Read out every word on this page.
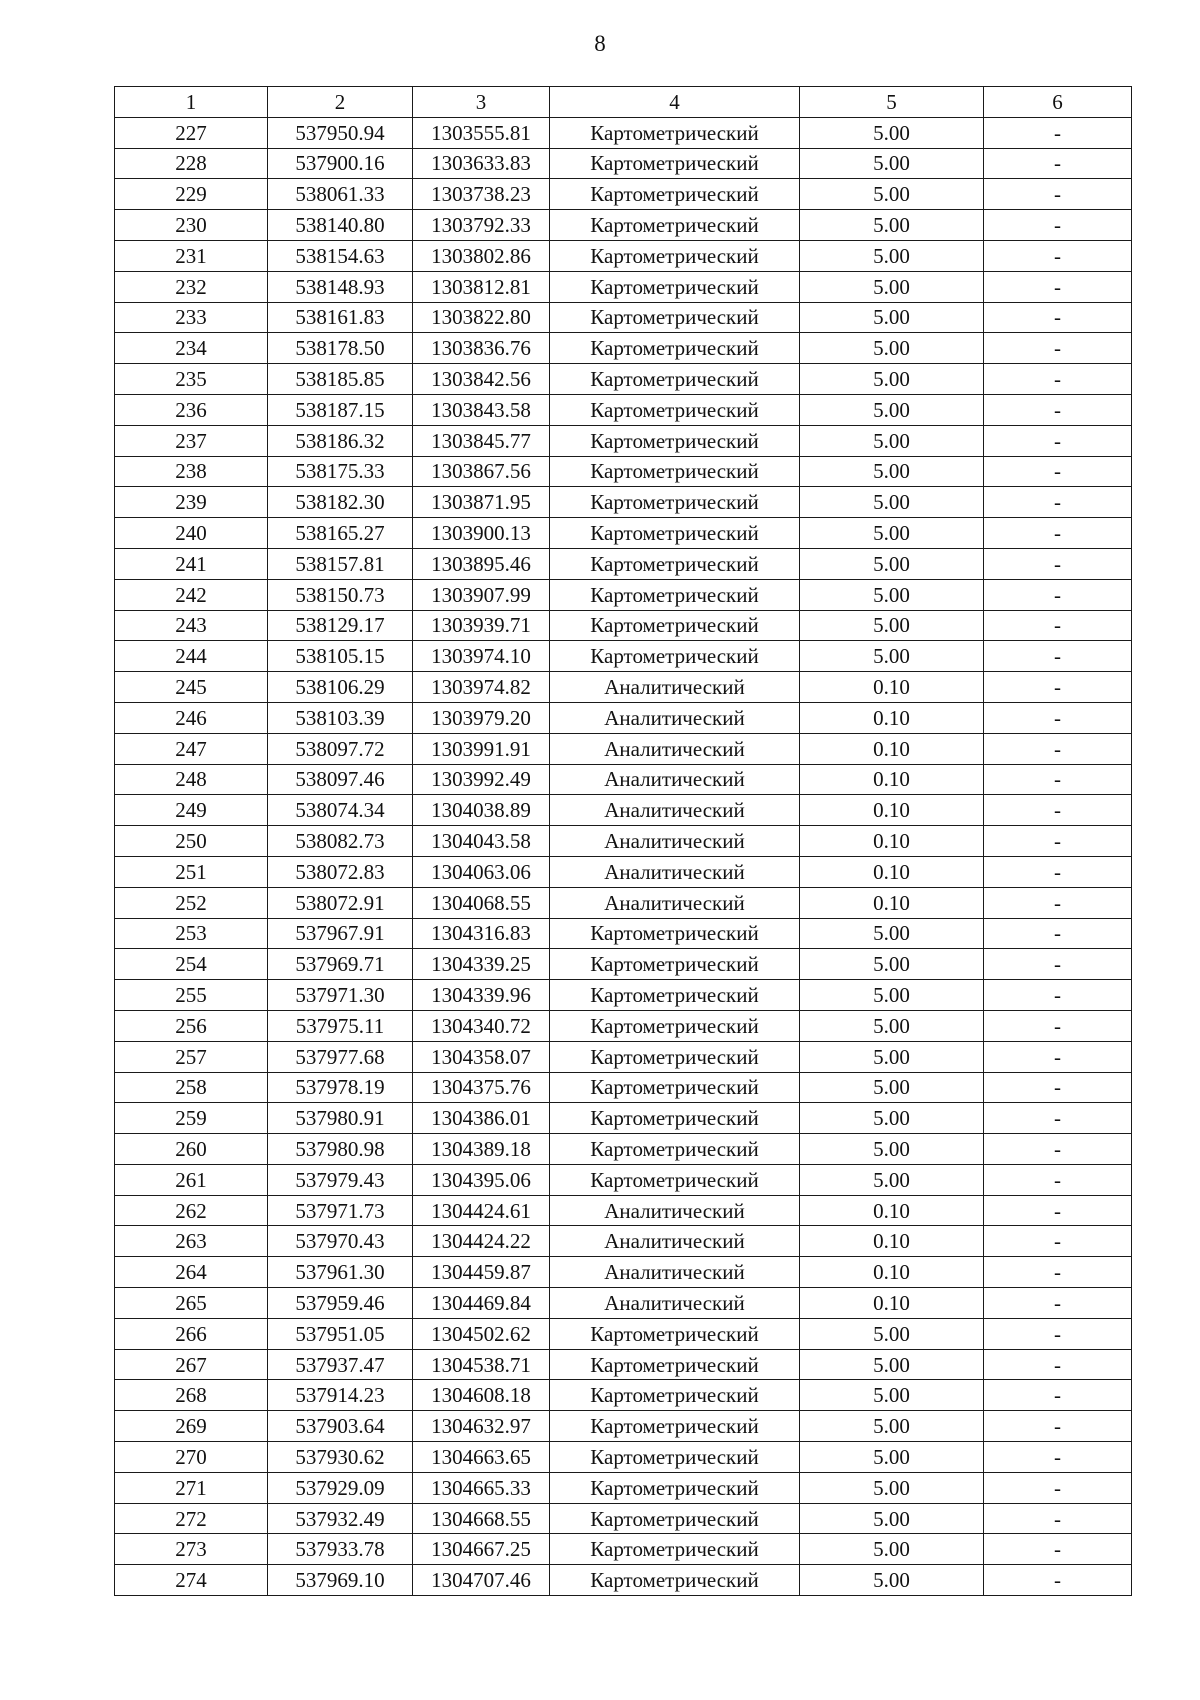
8
1	2	3	4	5	6
227	537950.94	1303555.81	Картометрический	5.00	-
228	537900.16	1303633.83	Картометрический	5.00	-
229	538061.33	1303738.23	Картометрический	5.00	-
230	538140.80	1303792.33	Картометрический	5.00	-
231	538154.63	1303802.86	Картометрический	5.00	-
232	538148.93	1303812.81	Картометрический	5.00	-
233	538161.83	1303822.80	Картометрический	5.00	-
234	538178.50	1303836.76	Картометрический	5.00	-
235	538185.85	1303842.56	Картометрический	5.00	-
236	538187.15	1303843.58	Картометрический	5.00	-
237	538186.32	1303845.77	Картометрический	5.00	-
238	538175.33	1303867.56	Картометрический	5.00	-
239	538182.30	1303871.95	Картометрический	5.00	-
240	538165.27	1303900.13	Картометрический	5.00	-
241	538157.81	1303895.46	Картометрический	5.00	-
242	538150.73	1303907.99	Картометрический	5.00	-
243	538129.17	1303939.71	Картометрический	5.00	-
244	538105.15	1303974.10	Картометрический	5.00	-
245	538106.29	1303974.82	Аналитический	0.10	-
246	538103.39	1303979.20	Аналитический	0.10	-
247	538097.72	1303991.91	Аналитический	0.10	-
248	538097.46	1303992.49	Аналитический	0.10	-
249	538074.34	1304038.89	Аналитический	0.10	-
250	538082.73	1304043.58	Аналитический	0.10	-
251	538072.83	1304063.06	Аналитический	0.10	-
252	538072.91	1304068.55	Аналитический	0.10	-
253	537967.91	1304316.83	Картометрический	5.00	-
254	537969.71	1304339.25	Картометрический	5.00	-
255	537971.30	1304339.96	Картометрический	5.00	-
256	537975.11	1304340.72	Картометрический	5.00	-
257	537977.68	1304358.07	Картометрический	5.00	-
258	537978.19	1304375.76	Картометрический	5.00	-
259	537980.91	1304386.01	Картометрический	5.00	-
260	537980.98	1304389.18	Картометрический	5.00	-
261	537979.43	1304395.06	Картометрический	5.00	-
262	537971.73	1304424.61	Аналитический	0.10	-
263	537970.43	1304424.22	Аналитический	0.10	-
264	537961.30	1304459.87	Аналитический	0.10	-
265	537959.46	1304469.84	Аналитический	0.10	-
266	537951.05	1304502.62	Картометрический	5.00	-
267	537937.47	1304538.71	Картометрический	5.00	-
268	537914.23	1304608.18	Картометрический	5.00	-
269	537903.64	1304632.97	Картометрический	5.00	-
270	537930.62	1304663.65	Картометрический	5.00	-
271	537929.09	1304665.33	Картометрический	5.00	-
272	537932.49	1304668.55	Картометрический	5.00	-
273	537933.78	1304667.25	Картометрический	5.00	-
274	537969.10	1304707.46	Картометрический	5.00	-
